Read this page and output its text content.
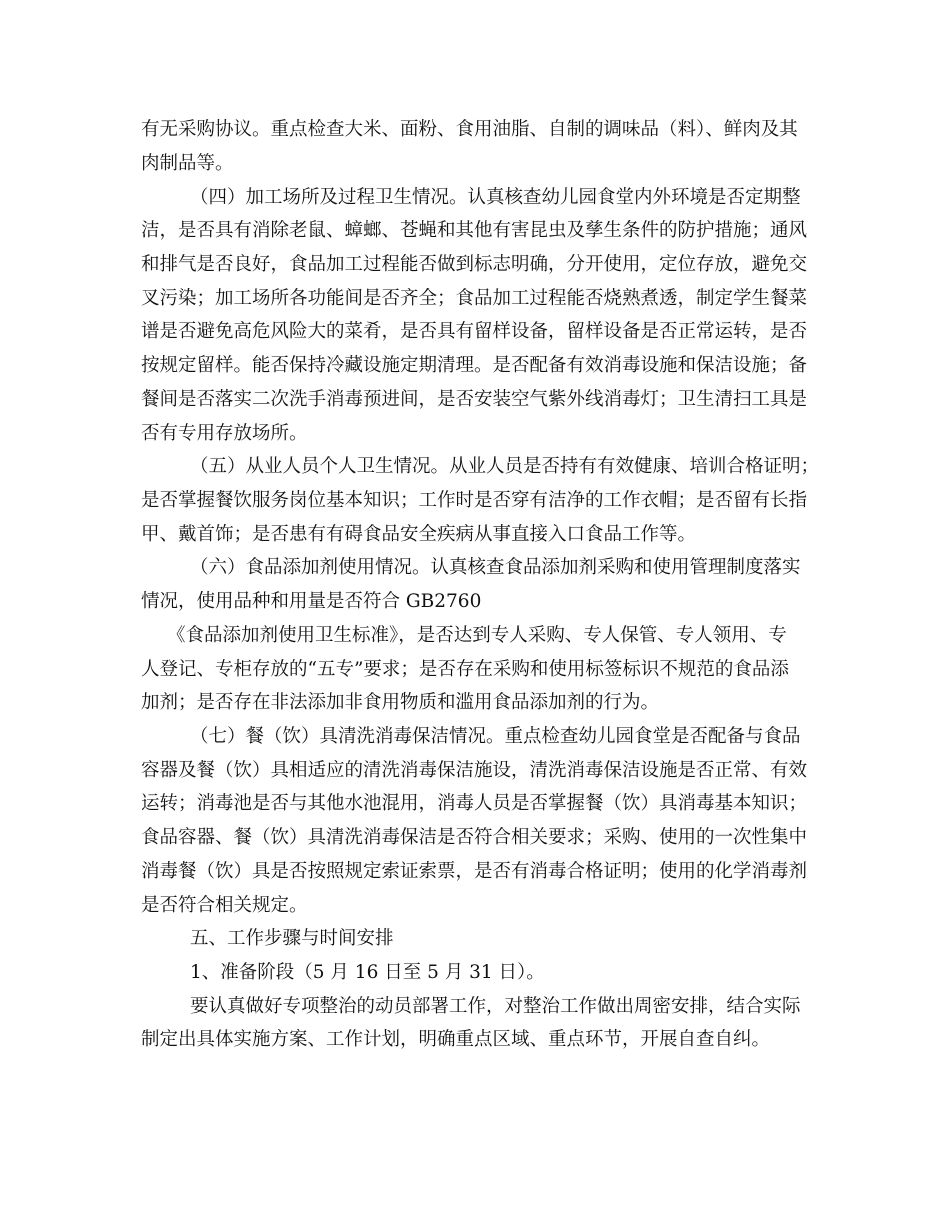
有无采购协议。重点检查大米、面粉、食用油脂、自制的调味品（料）、鲜肉及其
肉制品等。
（四）加工场所及过程卫生情况。认真核查幼儿园食堂内外环境是否定期整
洁，是否具有消除老鼠、蟑螂、苍蝇和其他有害昆虫及孳生条件的防护措施；通风
和排气是否良好，食品加工过程能否做到标志明确，分开使用，定位存放，避免交
叉污染；加工场所各功能间是否齐全；食品加工过程能否烧熟煮透，制定学生餐菜
谱是否避免高危风险大的菜肴，是否具有留样设备，留样设备是否正常运转，是否
按规定留样。能否保持冷藏设施定期清理。是否配备有效消毒设施和保洁设施；备
餐间是否落实二次洗手消毒预进间，是否安装空气紫外线消毒灯；卫生清扫工具是
否有专用存放场所。
（五）从业人员个人卫生情况。从业人员是否持有有效健康、培训合格证明；
是否掌握餐饮服务岗位基本知识；工作时是否穿有洁净的工作衣帽；是否留有长指
甲、戴首饰；是否患有有碍食品安全疾病从事直接入口食品工作等。
（六）食品添加剂使用情况。认真核查食品添加剂采购和使用管理制度落实
情况，使用品种和用量是否符合 GB2760
《食品添加剂使用卫生标准》，是否达到专人采购、专人保管、专人领用、专
人登记、专柜存放的“五专”要求；是否存在采购和使用标签标识不规范的食品添
加剂；是否存在非法添加非食用物质和滥用食品添加剂的行为。
（七）餐（饮）具清洗消毒保洁情况。重点检查幼儿园食堂是否配备与食品
容器及餐（饮）具相适应的清洗消毒保洁施设，清洗消毒保洁设施是否正常、有效
运转；消毒池是否与其他水池混用，消毒人员是否掌握餐（饮）具消毒基本知识；
食品容器、餐（饮）具清洗消毒保洁是否符合相关要求；采购、使用的一次性集中
消毒餐（饮）具是否按照规定索证索票，是否有消毒合格证明；使用的化学消毒剂
是否符合相关规定。
五、工作步骤与时间安排
1、准备阶段（5 月 16 日至 5 月 31 日）。
要认真做好专项整治的动员部署工作，对整治工作做出周密安排，结合实际
制定出具体实施方案、工作计划，明确重点区域、重点环节，开展自查自纠。
